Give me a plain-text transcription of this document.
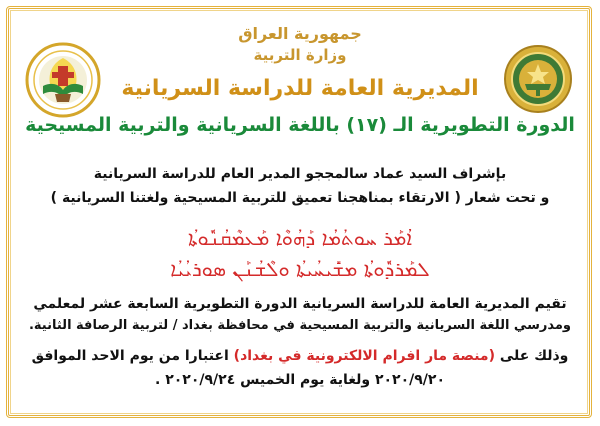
جمهورية العراق
وزارة التربية
المديرية العامة للدراسة السريانية
الدورة التطويرية الـ (١٧) باللغة السريانية والتربية المسيحية
بإشراف السيد عماد سالمججو المدير العام للدراسة السريانية
و تحت شعار ( الارتقاء بمناهجنا تعميق للتربية المسيحية ولغتنا السريانية )
ܐܳܡܰܪ ܚܘܬܳܡܳܐ ܕܰܗܳܘܶܐ ܡܰܥܡܶܩܳܢܽܘܬܳܐ
ܠܡܰܪܕܽܘܬܳܐ ܡܫܺܝܚܳܝܬܳܐ ܘܠܶܫܳܢܰܢ ܣܘܪܝܳܝܳܐ
تقيم المديرية العامة للدراسة السريانية الدورة التطويرية السابعة عشر لمعلمي
ومدرسي اللغة السريانية والتربية المسيحية في محافظة بغداد / لتربية الرصافة الثانية.
وذلك على (منصة مار افرام الالكترونية في بغداد) اعتبارا من يوم الاحد الموافق
٢٠٢٠/٩/٢٠ ولغاية يوم الخميس ٢٠٢٠/٩/٢٤ .
